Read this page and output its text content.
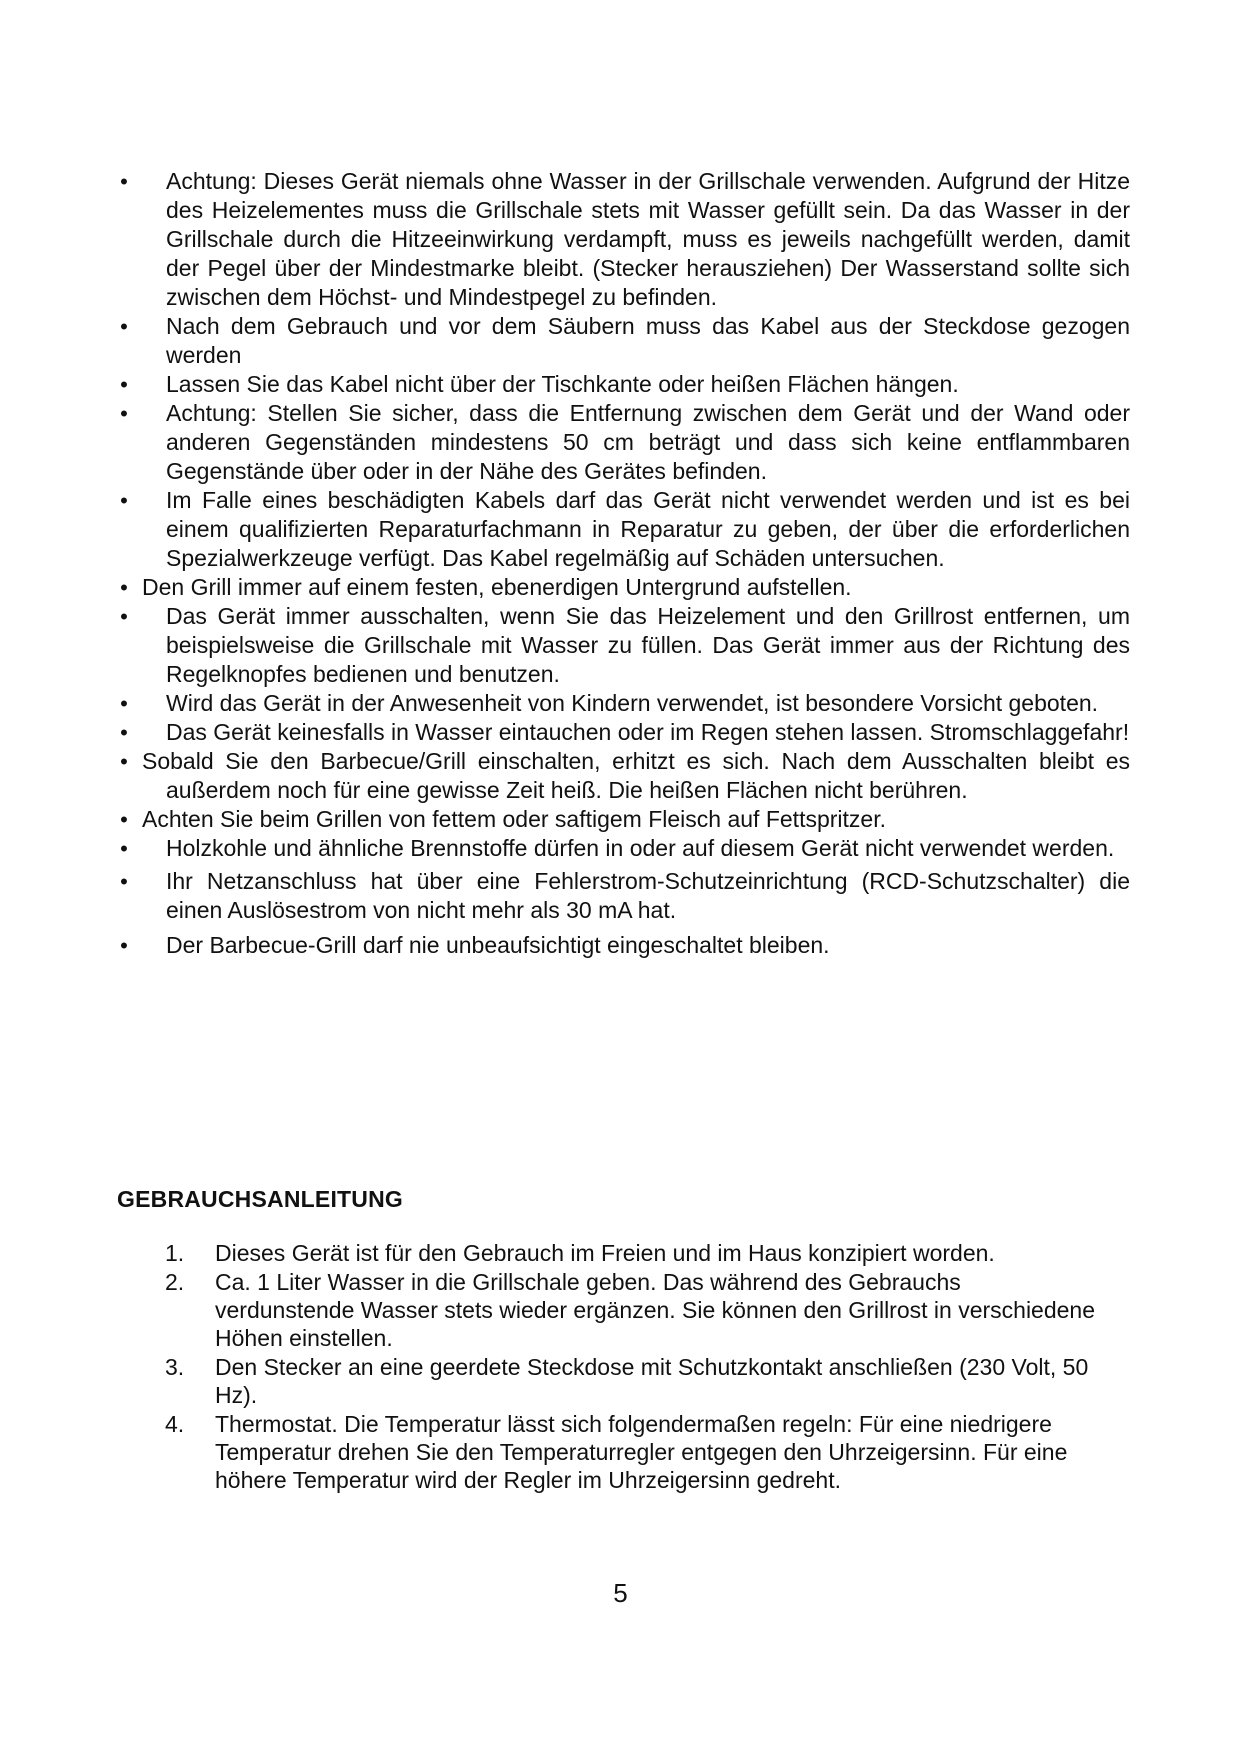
• Achtung: Dieses Gerät niemals ohne Wasser in der Grillschale verwenden. Aufgrund der Hitze des Heizelementes muss die Grillschale stets mit Wasser gefüllt sein. Da das Wasser in der Grillschale durch die Hitzeeinwirkung verdampft, muss es jeweils nachgefüllt werden, damit der Pegel über der Mindestmarke bleibt. (Stecker herausziehen) Der Wasserstand sollte sich zwischen dem Höchst- und Mindestpegel zu befinden.
• Nach dem Gebrauch und vor dem Säubern muss das Kabel aus der Steckdose gezogen werden
• Lassen Sie das Kabel nicht über der Tischkante oder heißen Flächen hängen.
• Achtung: Stellen Sie sicher, dass die Entfernung zwischen dem Gerät und der Wand oder anderen Gegenständen mindestens 50 cm beträgt und dass sich keine entflammbaren Gegenstände über oder in der Nähe des Gerätes befinden.
• Im Falle eines beschädigten Kabels darf das Gerät nicht verwendet werden und ist es bei einem qualifizierten Reparaturfachmann in Reparatur zu geben, der über die erforderlichen Spezialwerkzeuge verfügt. Das Kabel regelmäßig auf Schäden untersuchen.
• Den Grill immer auf einem festen, ebenerdigen Untergrund aufstellen.
• Das Gerät immer ausschalten, wenn Sie das Heizelement und den Grillrost entfernen, um beispielsweise die Grillschale mit Wasser zu füllen. Das Gerät immer aus der Richtung des Regelknopfes bedienen und benutzen.
• Wird das Gerät in der Anwesenheit von Kindern verwendet, ist besondere Vorsicht geboten.
• Das Gerät keinesfalls in Wasser eintauchen oder im Regen stehen lassen. Stromschlaggefahr!
• Sobald Sie den Barbecue/Grill einschalten, erhitzt es sich. Nach dem Ausschalten bleibt es außerdem noch für eine gewisse Zeit heiß. Die heißen Flächen nicht berühren.
• Achten Sie beim Grillen von fettem oder saftigem Fleisch auf Fettspritzer.
• Holzkohle und ähnliche Brennstoffe dürfen in oder auf diesem Gerät nicht verwendet werden.
• Ihr Netzanschluss hat über eine Fehlerstrom-Schutzeinrichtung (RCD-Schutzschalter) die einen Auslösestrom von nicht mehr als 30 mA hat.
• Der Barbecue-Grill darf nie unbeaufsichtigt eingeschaltet bleiben.
GEBRAUCHSANLEITUNG
1. Dieses Gerät ist für den Gebrauch im Freien und im Haus konzipiert worden.
2. Ca. 1 Liter Wasser in die Grillschale geben. Das während des Gebrauchs verdunstende Wasser stets wieder ergänzen. Sie können den Grillrost in verschiedene Höhen einstellen.
3. Den Stecker an eine geerdete Steckdose mit Schutzkontakt anschließen (230 Volt, 50 Hz).
4. Thermostat. Die Temperatur lässt sich folgendermaßen regeln: Für eine niedrigere Temperatur drehen Sie den Temperaturregler entgegen den Uhrzeigersinn. Für eine höhere Temperatur wird der Regler im Uhrzeigersinn gedreht.

5
